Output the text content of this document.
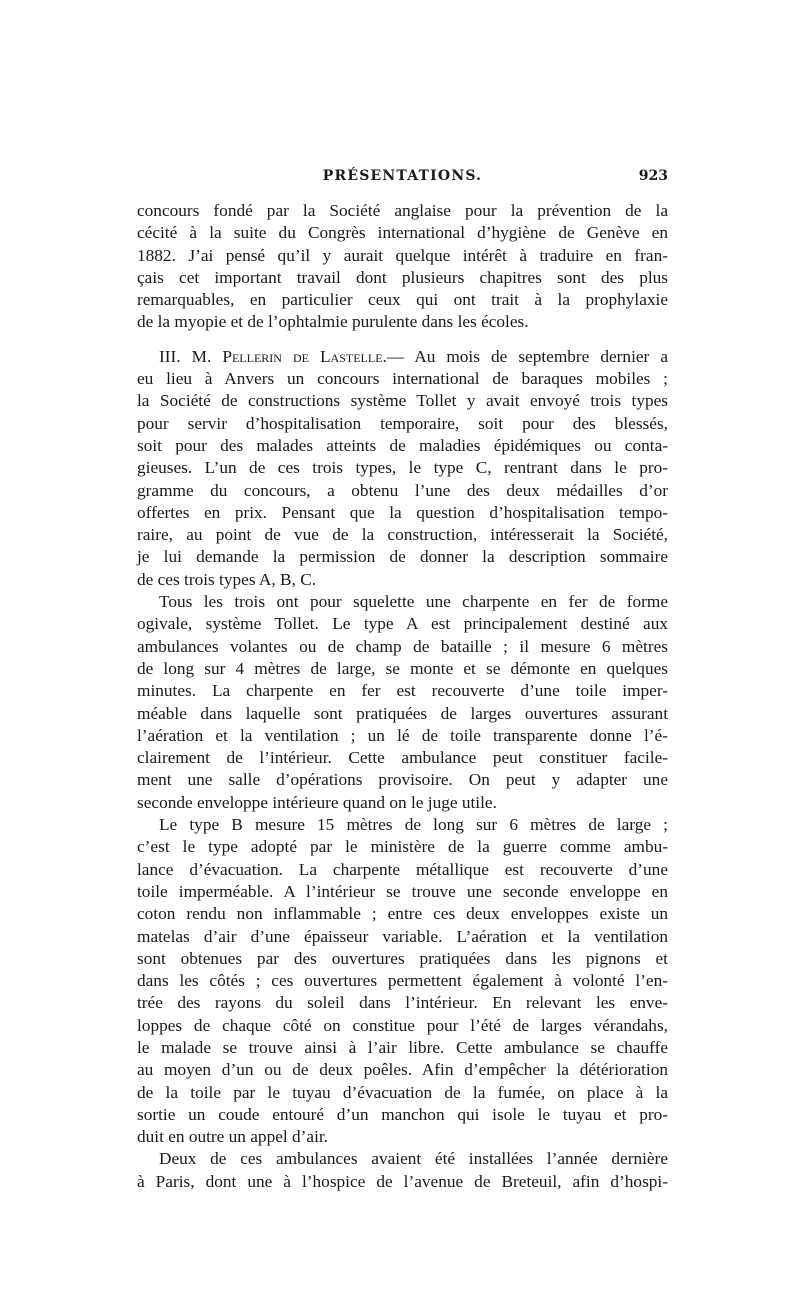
PRÉSENTATIONS.	923
concours fondé par la Société anglaise pour la prévention de la
cécité à la suite du Congrès international d’hygiène de Genève en
1882. J’ai pensé qu’il y aurait quelque intérêt à traduire en fran-
çais cet important travail dont plusieurs chapitres sont des plus
remarquables, en particulier ceux qui ont trait à la prophylaxie
de la myopie et de l’ophtalmie purulente dans les écoles.
III. M. Pellerin de Lastelle.— Au mois de septembre dernier a
eu lieu à Anvers un concours international de baraques mobiles ;
la Société de constructions système Tollet y avait envoyé trois types
pour servir d’hospitalisation temporaire, soit pour des blessés,
soit pour des malades atteints de maladies épidémiques ou conta-
gieuses. L’un de ces trois types, le type C, rentrant dans le pro-
gramme du concours, a obtenu l’une des deux médailles d’or
offertes en prix. Pensant que la question d’hospitalisation tempo-
raire, au point de vue de la construction, intéresserait la Société,
je lui demande la permission de donner la description sommaire
de ces trois types A, B, C.
Tous les trois ont pour squelette une charpente en fer de forme
ogivale, système Tollet. Le type A est principalement destiné aux
ambulances volantes ou de champ de bataille ; il mesure 6 mètres
de long sur 4 mètres de large, se monte et se démonte en quelques
minutes. La charpente en fer est recouverte d’une toile imper-
méable dans laquelle sont pratiquées de larges ouvertures assurant
l’aération et la ventilation ; un lé de toile transparente donne l’é-
clairement de l’intérieur. Cette ambulance peut constituer facile-
ment une salle d’opérations provisoire. On peut y adapter une
seconde enveloppe intérieure quand on le juge utile.
Le type B mesure 15 mètres de long sur 6 mètres de large ;
c’est le type adopté par le ministère de la guerre comme ambu-
lance d’évacuation. La charpente métallique est recouverte d’une
toile imperméable. A l’intérieur se trouve une seconde enveloppe en
coton rendu non inflammable ; entre ces deux enveloppes existe un
matelas d’air d’une épaisseur variable. L’aération et la ventilation
sont obtenues par des ouvertures pratiquées dans les pignons et
dans les côtés ; ces ouvertures permettent également à volonté l’en-
trée des rayons du soleil dans l’intérieur. En relevant les enve-
loppes de chaque côté on constitue pour l’été de larges vérandahs,
le malade se trouve ainsi à l’air libre. Cette ambulance se chauffe
au moyen d’un ou de deux poêles. Afin d’empêcher la détérioration
de la toile par le tuyau d’évacuation de la fumée, on place à la
sortie un coude entouré d’un manchon qui isole le tuyau et pro-
duit en outre un appel d’air.
Deux de ces ambulances avaient été installées l’année dernière
à Paris, dont une à l’hospice de l’avenue de Breteuil, afin d’hospi-
